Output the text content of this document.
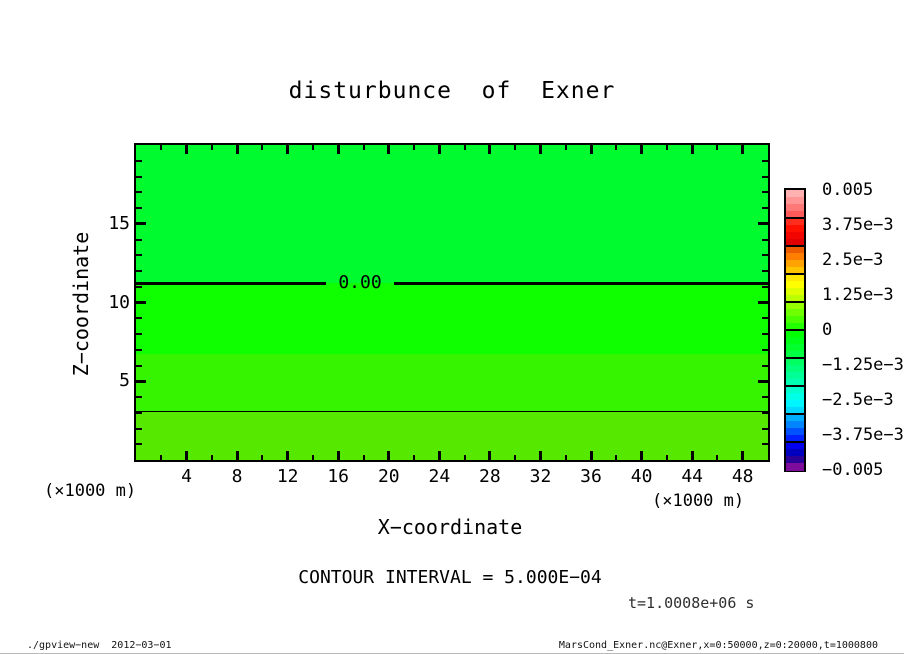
disturbunce  of  Exner
0.00
Z−coordinate
X−coordinate
(×1000 m)	(×1000 m)
CONTOUR INTERVAL = 5.000E−04
t=1.0008e+06 s
./gpview−new  2012−03−01	MarsCond_Exner.nc@Exner,x=0:50000,z=0:20000,t=1000800
4	8	12	16	20	24	28	32	36	40	44	48
5
10
15
0.005
3.75e−3
2.5e−3
1.25e−3
0
−1.25e−3
−2.5e−3
−3.75e−3
−0.005
